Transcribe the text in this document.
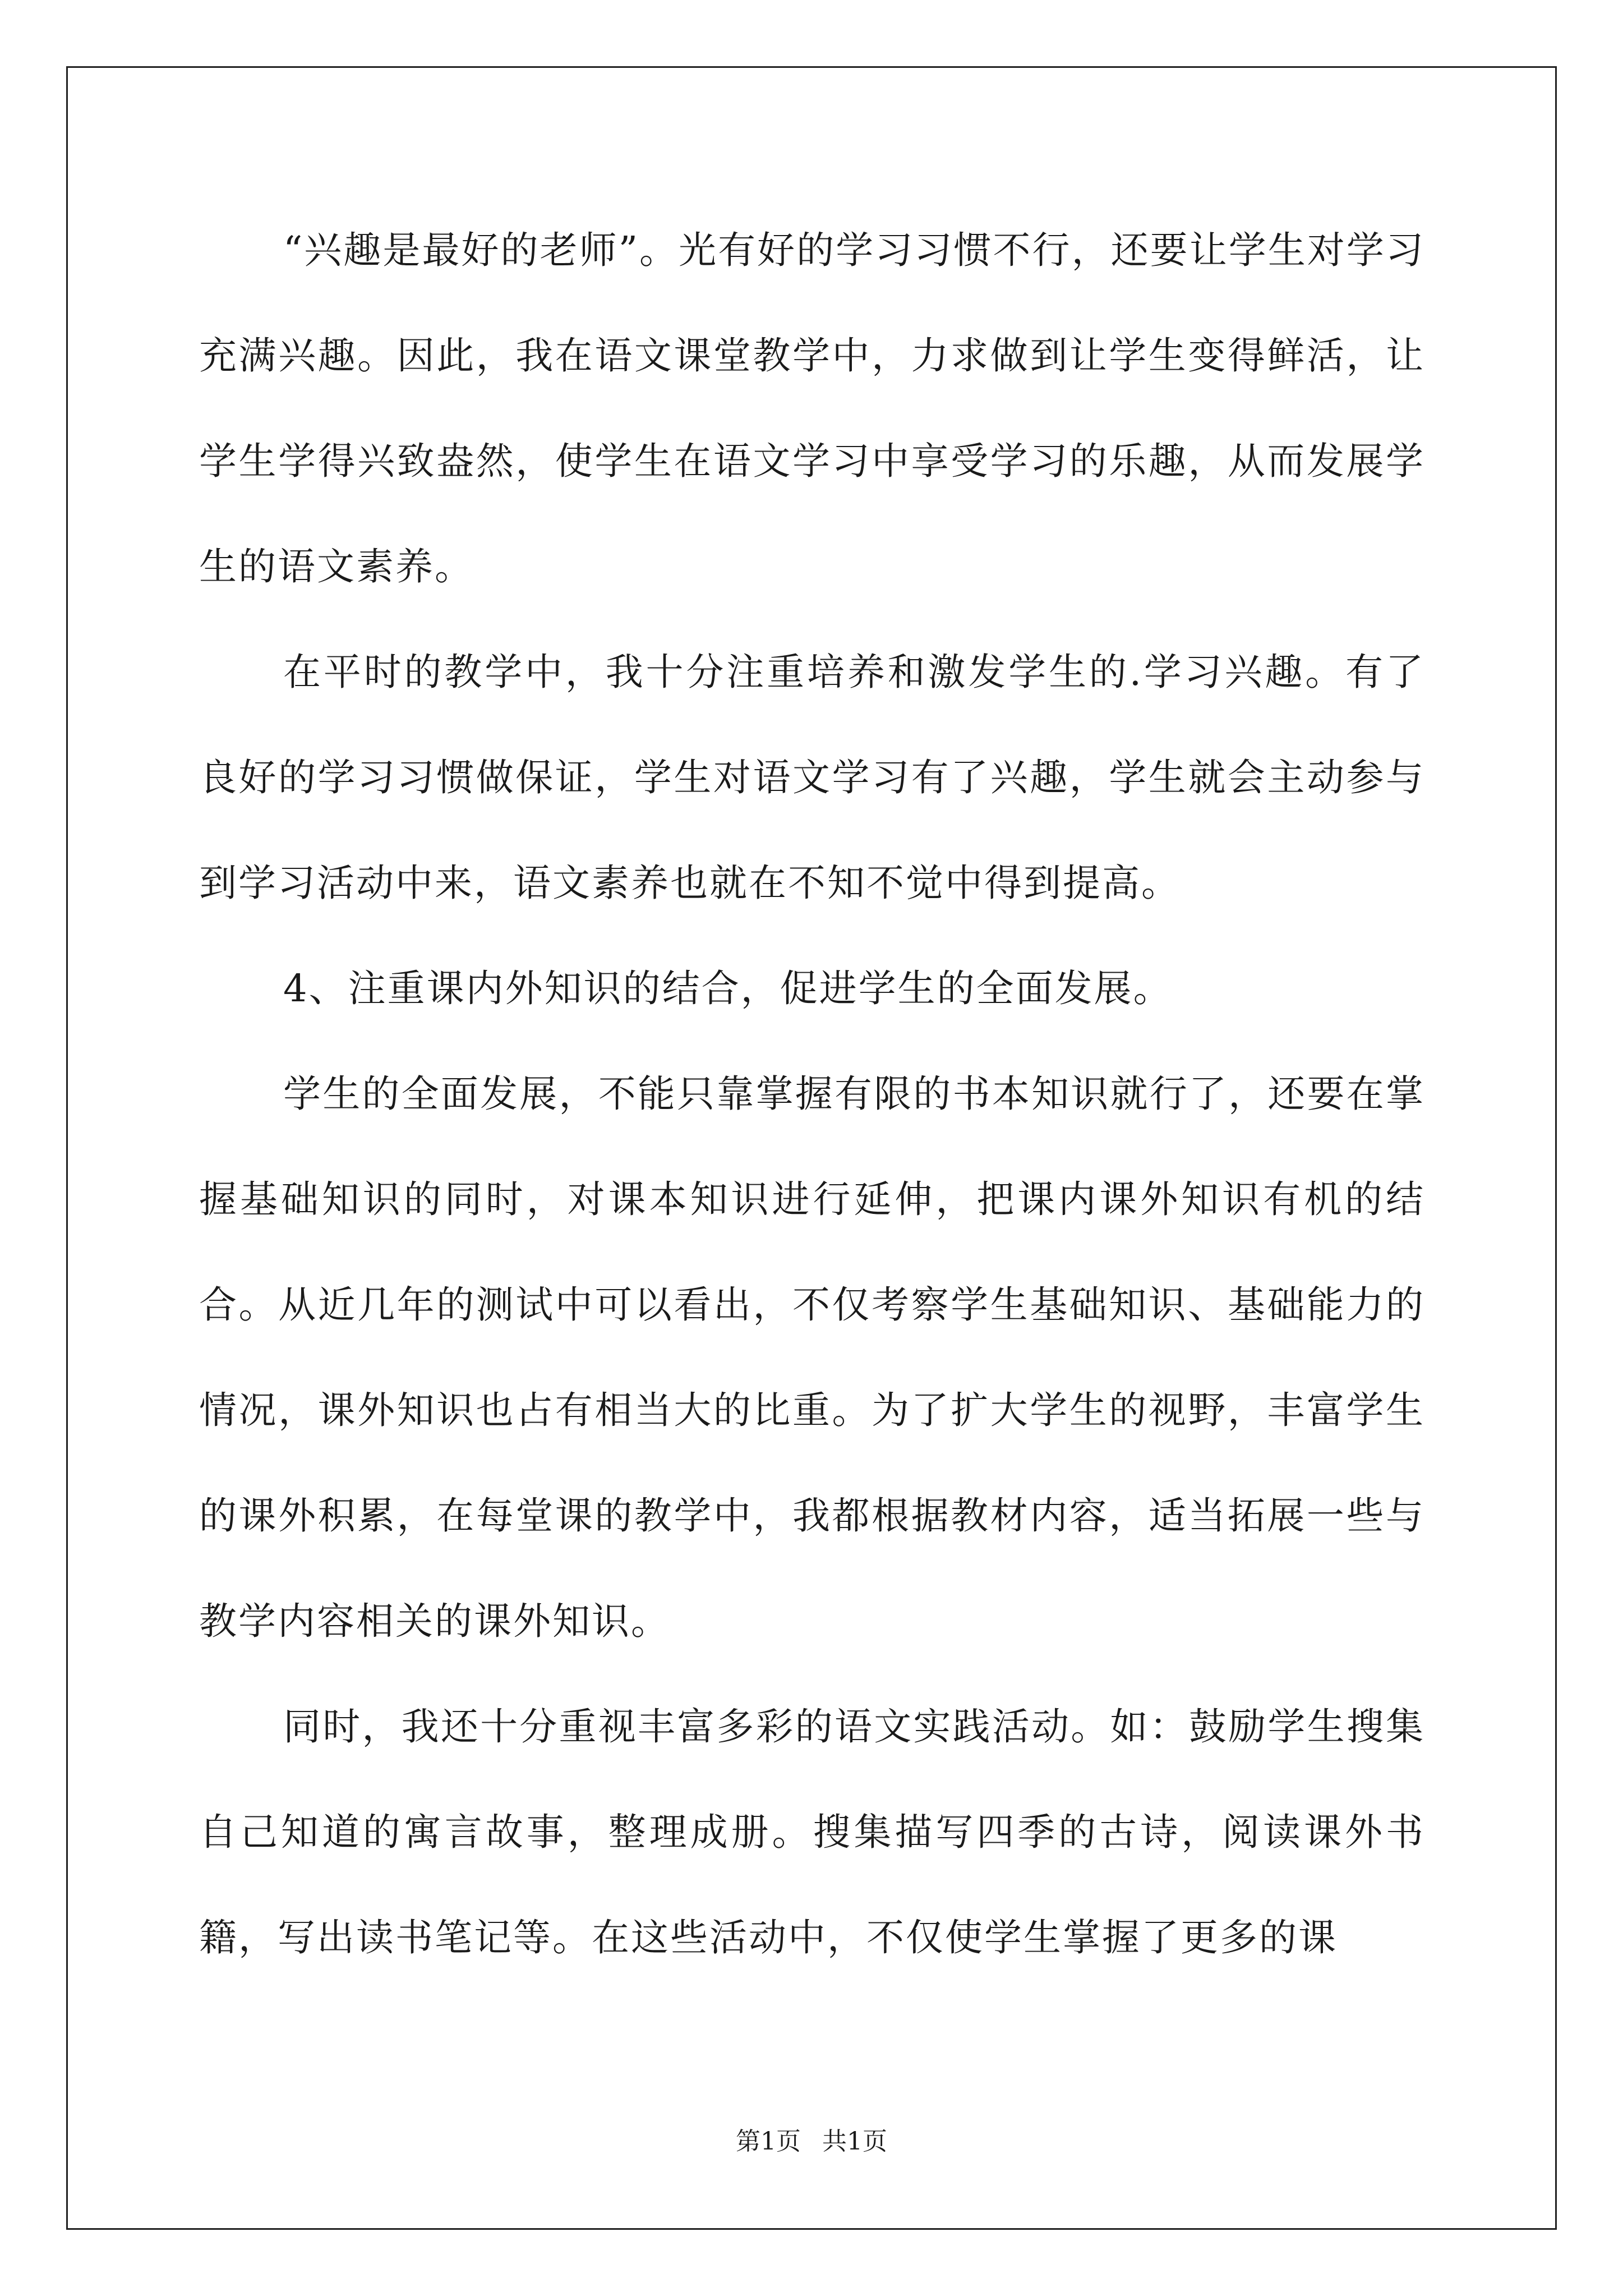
“兴趣是最好的老师”。光有好的学习习惯不行，还要让学生对学习充满兴趣。因此，我在语文课堂教学中，力求做到让学生变得鲜活，让学生学得兴致盎然，使学生在语文学习中享受学习的乐趣，从而发展学生的语文素养。

在平时的教学中，我十分注重培养和激发学生的.学习兴趣。有了良好的学习习惯做保证，学生对语文学习有了兴趣，学生就会主动参与到学习活动中来，语文素养也就在不知不觉中得到提高。

4、注重课内外知识的结合，促进学生的全面发展。

学生的全面发展，不能只靠掌握有限的书本知识就行了，还要在掌握基础知识的同时，对课本知识进行延伸，把课内课外知识有机的结合。从近几年的测试中可以看出，不仅考察学生基础知识、基础能力的情况，课外知识也占有相当大的比重。为了扩大学生的视野，丰富学生的课外积累，在每堂课的教学中，我都根据教材内容，适当拓展一些与教学内容相关的课外知识。

同时，我还十分重视丰富多彩的语文实践活动。如：鼓励学生搜集自己知道的寓言故事，整理成册。搜集描写四季的古诗，阅读课外书籍，写出读书笔记等。在这些活动中，不仅使学生掌握了更多的课

第1页 共1页
